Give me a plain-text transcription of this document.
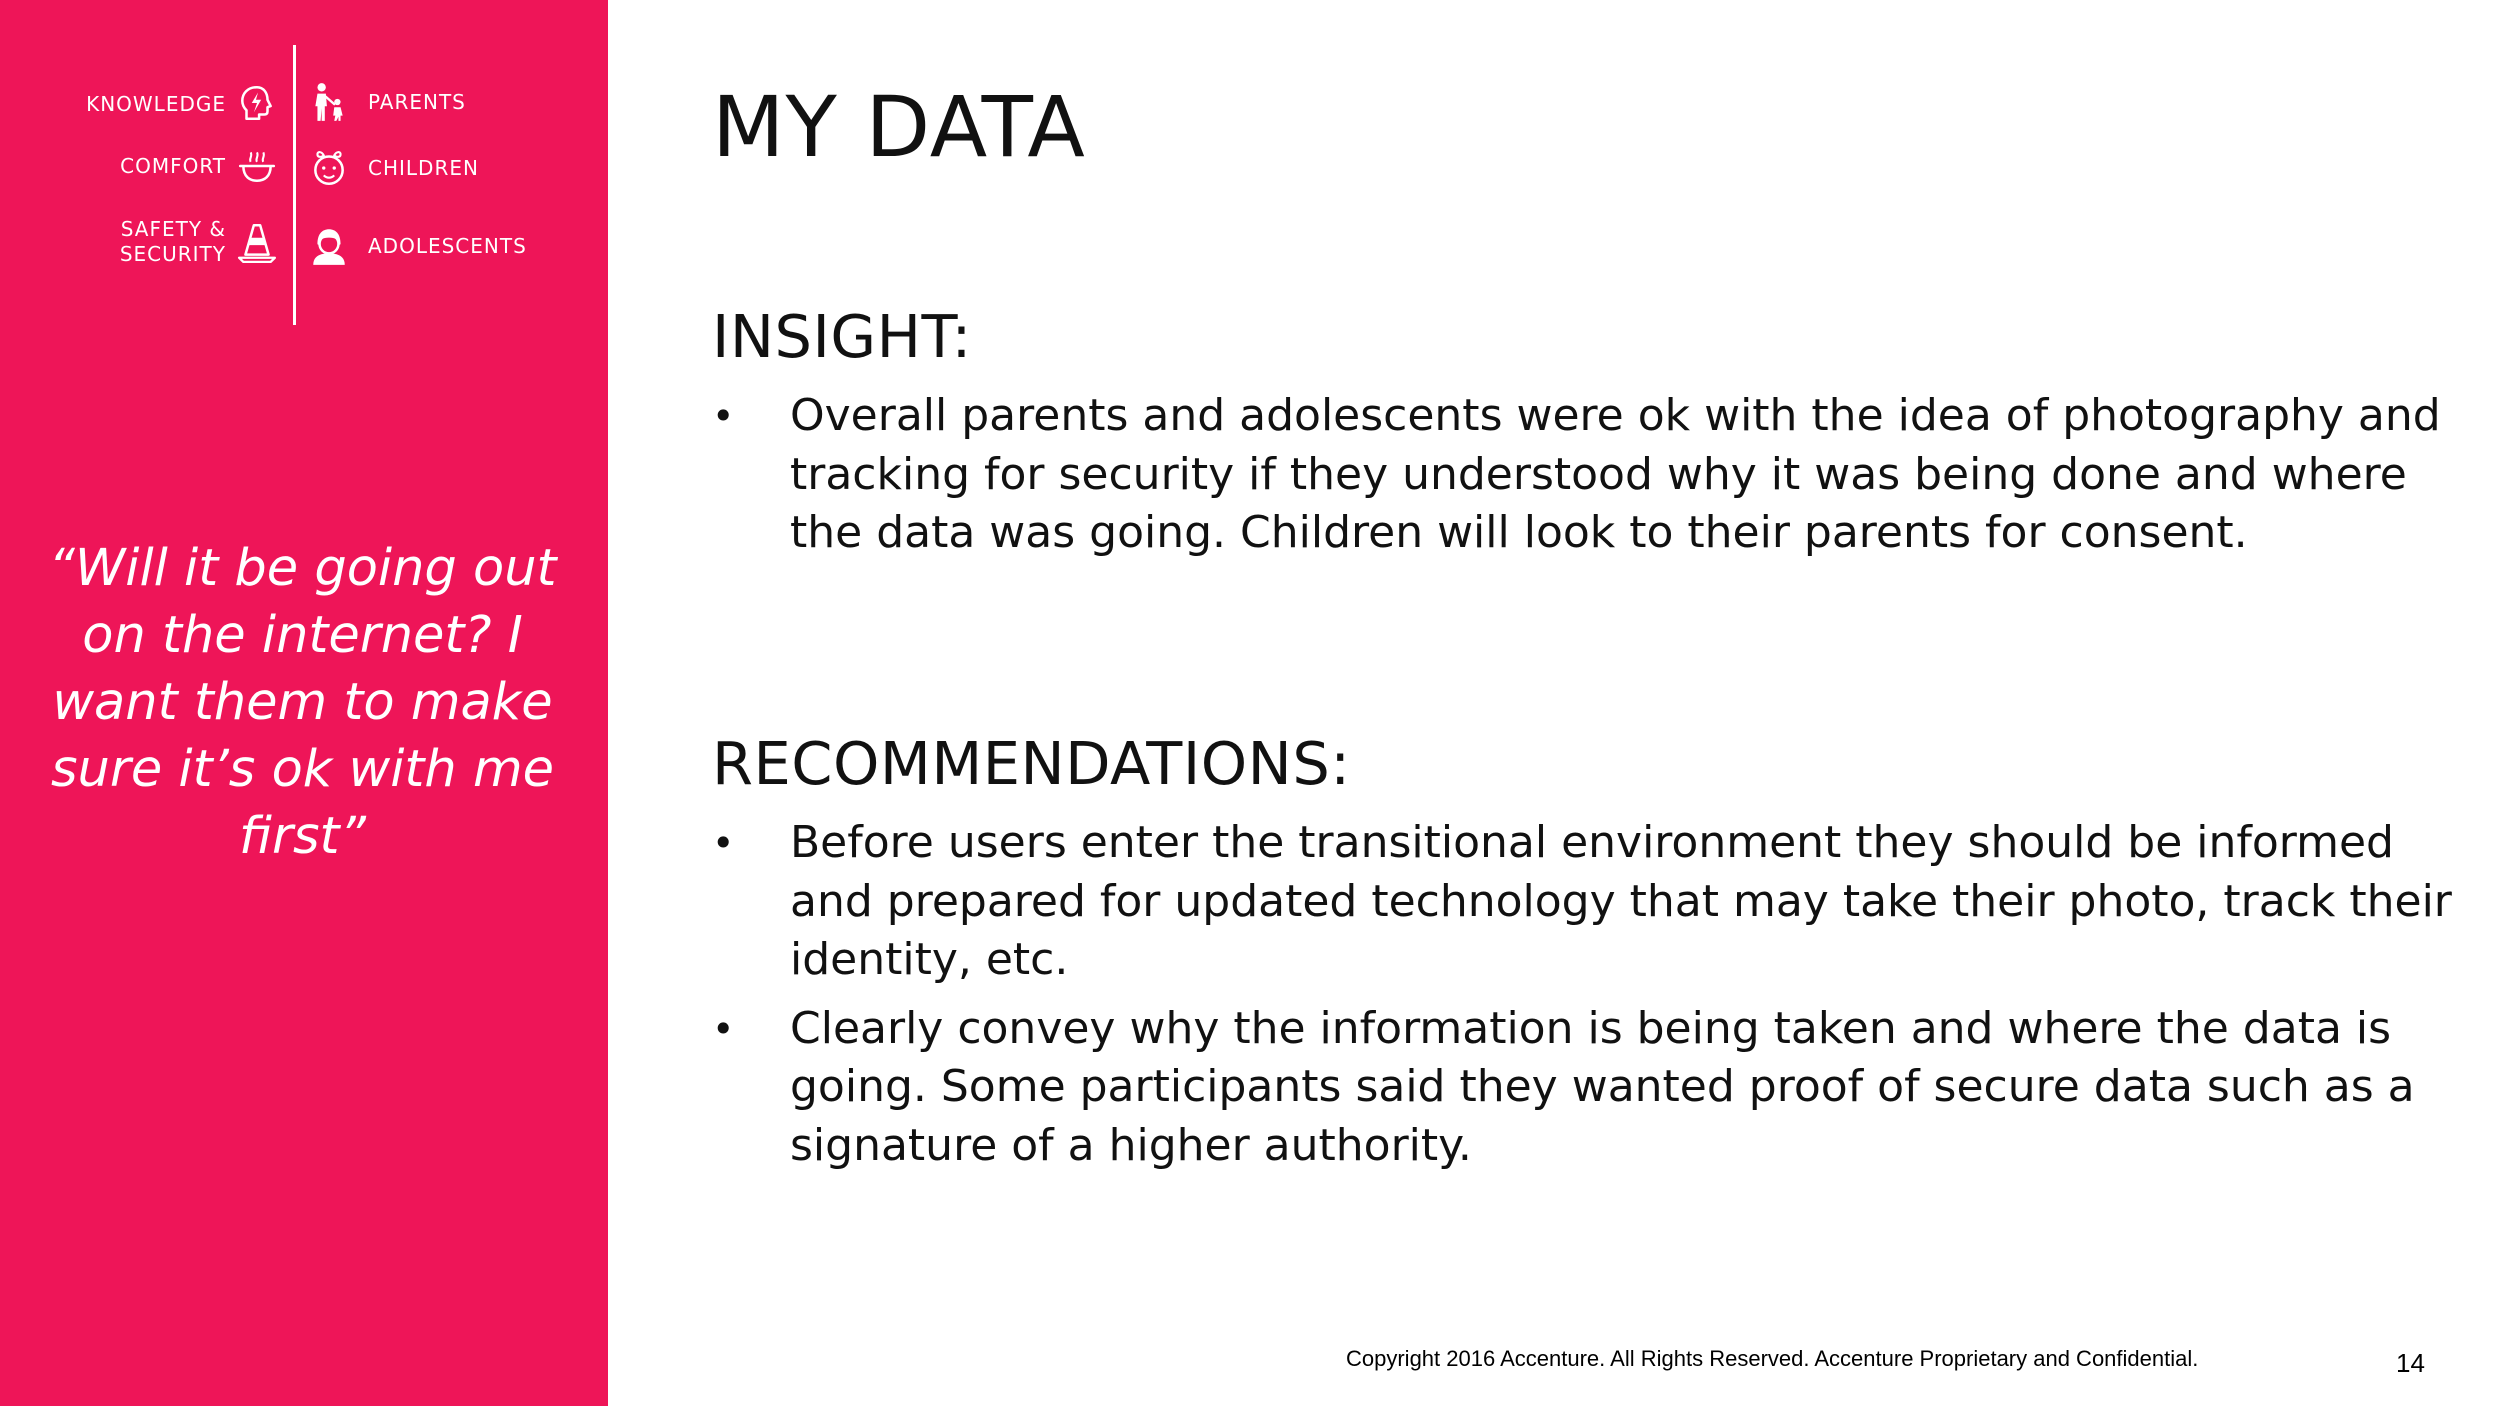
KNOWLEDGE
COMFORT
SAFETY &
SECURITY
PARENTS
CHILDREN
ADOLESCENTS
“Will it be going out on the internet? I want them to make sure it’s ok with me first”
MY DATA
INSIGHT:
• Overall parents and adolescents were ok with the idea of photography and tracking for security if they understood why it was being done and where the data was going. Children will look to their parents for consent.
RECOMMENDATIONS:
• Before users enter the transitional environment they should be informed and prepared for updated technology that may take their photo, track their identity, etc.
• Clearly convey why the information is being taken and where the data is going. Some participants said they wanted proof of secure data such as a signature of a higher authority.
Copyright 2016 Accenture. All Rights Reserved. Accenture Proprietary and Confidential.	14
